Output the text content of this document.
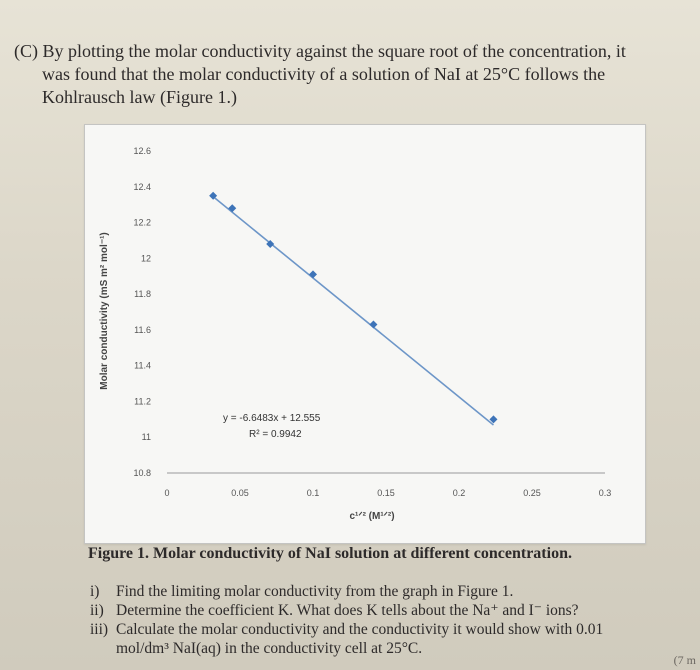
(C) By plotting the molar conductivity against the square root of the concentration, it

was found that the molar conductivity of a solution of NaI at 25°C follows the

Kohlrausch law (Figure 1.)

Molar conductivity (mS m² mol⁻¹)
c¹ᐟ² (M¹ᐟ²)
y = -6.6483x + 12.555
R² = 0.9942
10.8
11
11.2
11.4
11.6
11.8
12
12.2
12.4
12.6
0	0.05	0.1	0.15	0.2	0.25	0.3
Figure 1. Molar conductivity of NaI solution at different concentration.
i)	Find the limiting molar conductivity from the graph in Figure 1.
ii) Determine the coefficient K. What does K tells about the Na⁺ and I⁻ ions?
iii) Calculate the molar conductivity and the conductivity it would show with 0.01
mol/dm³ NaI(aq) in the conductivity cell at 25°C.
(7 m
